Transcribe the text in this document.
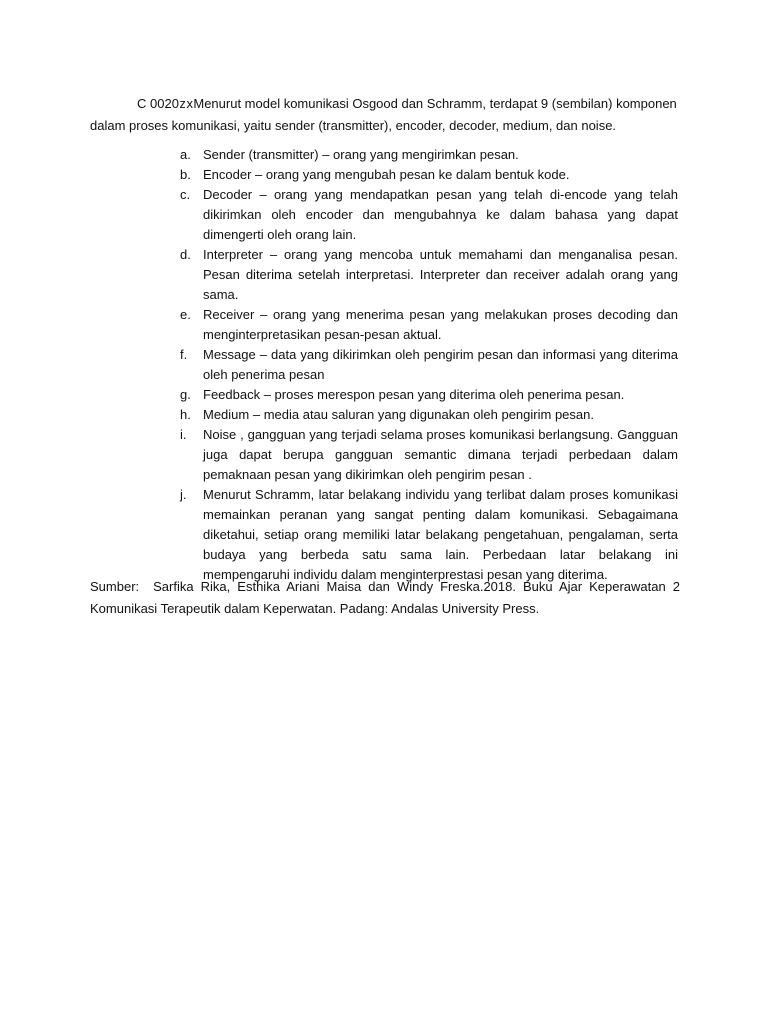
C 0020zxMenurut model komunikasi Osgood dan Schramm, terdapat 9 (sembilan) komponen dalam proses komunikasi, yaitu sender (transmitter), encoder, decoder, medium, dan noise.

a. Sender (transmitter) – orang yang mengirimkan pesan.
b. Encoder – orang yang mengubah pesan ke dalam bentuk kode.
c. Decoder – orang yang mendapatkan pesan yang telah di-encode yang telah dikirimkan oleh encoder dan mengubahnya ke dalam bahasa yang dapat dimengerti oleh orang lain.
d. Interpreter – orang yang mencoba untuk memahami dan menganalisa pesan. Pesan diterima setelah interpretasi. Interpreter dan receiver adalah orang yang sama.
e. Receiver – orang yang menerima pesan yang melakukan proses decoding dan menginterpretasikan pesan-pesan aktual.
f.	Message – data yang dikirimkan oleh pengirim pesan dan informasi yang diterima oleh penerima pesan
g. Feedback – proses merespon pesan yang diterima oleh penerima pesan.
h. Medium – media atau saluran yang digunakan oleh pengirim pesan.
i.	Noise , gangguan yang terjadi selama proses komunikasi berlangsung. Gangguan juga dapat berupa gangguan semantic dimana terjadi perbedaan dalam pemaknaan pesan yang dikirimkan oleh pengirim pesan .
j.	Menurut Schramm, latar belakang individu yang terlibat dalam proses komunikasi memainkan peranan yang sangat penting dalam komunikasi. Sebagaimana diketahui, setiap orang memiliki latar belakang pengetahuan, pengalaman, serta budaya yang berbeda satu sama lain. Perbedaan latar belakang ini mempengaruhi individu dalam menginterprestasi pesan yang diterima.

Sumber: Sarfika Rika, Esthika Ariani Maisa dan Windy Freska.2018. Buku Ajar Keperawatan 2 Komunikasi Terapeutik dalam Keperwatan. Padang: Andalas University Press.
